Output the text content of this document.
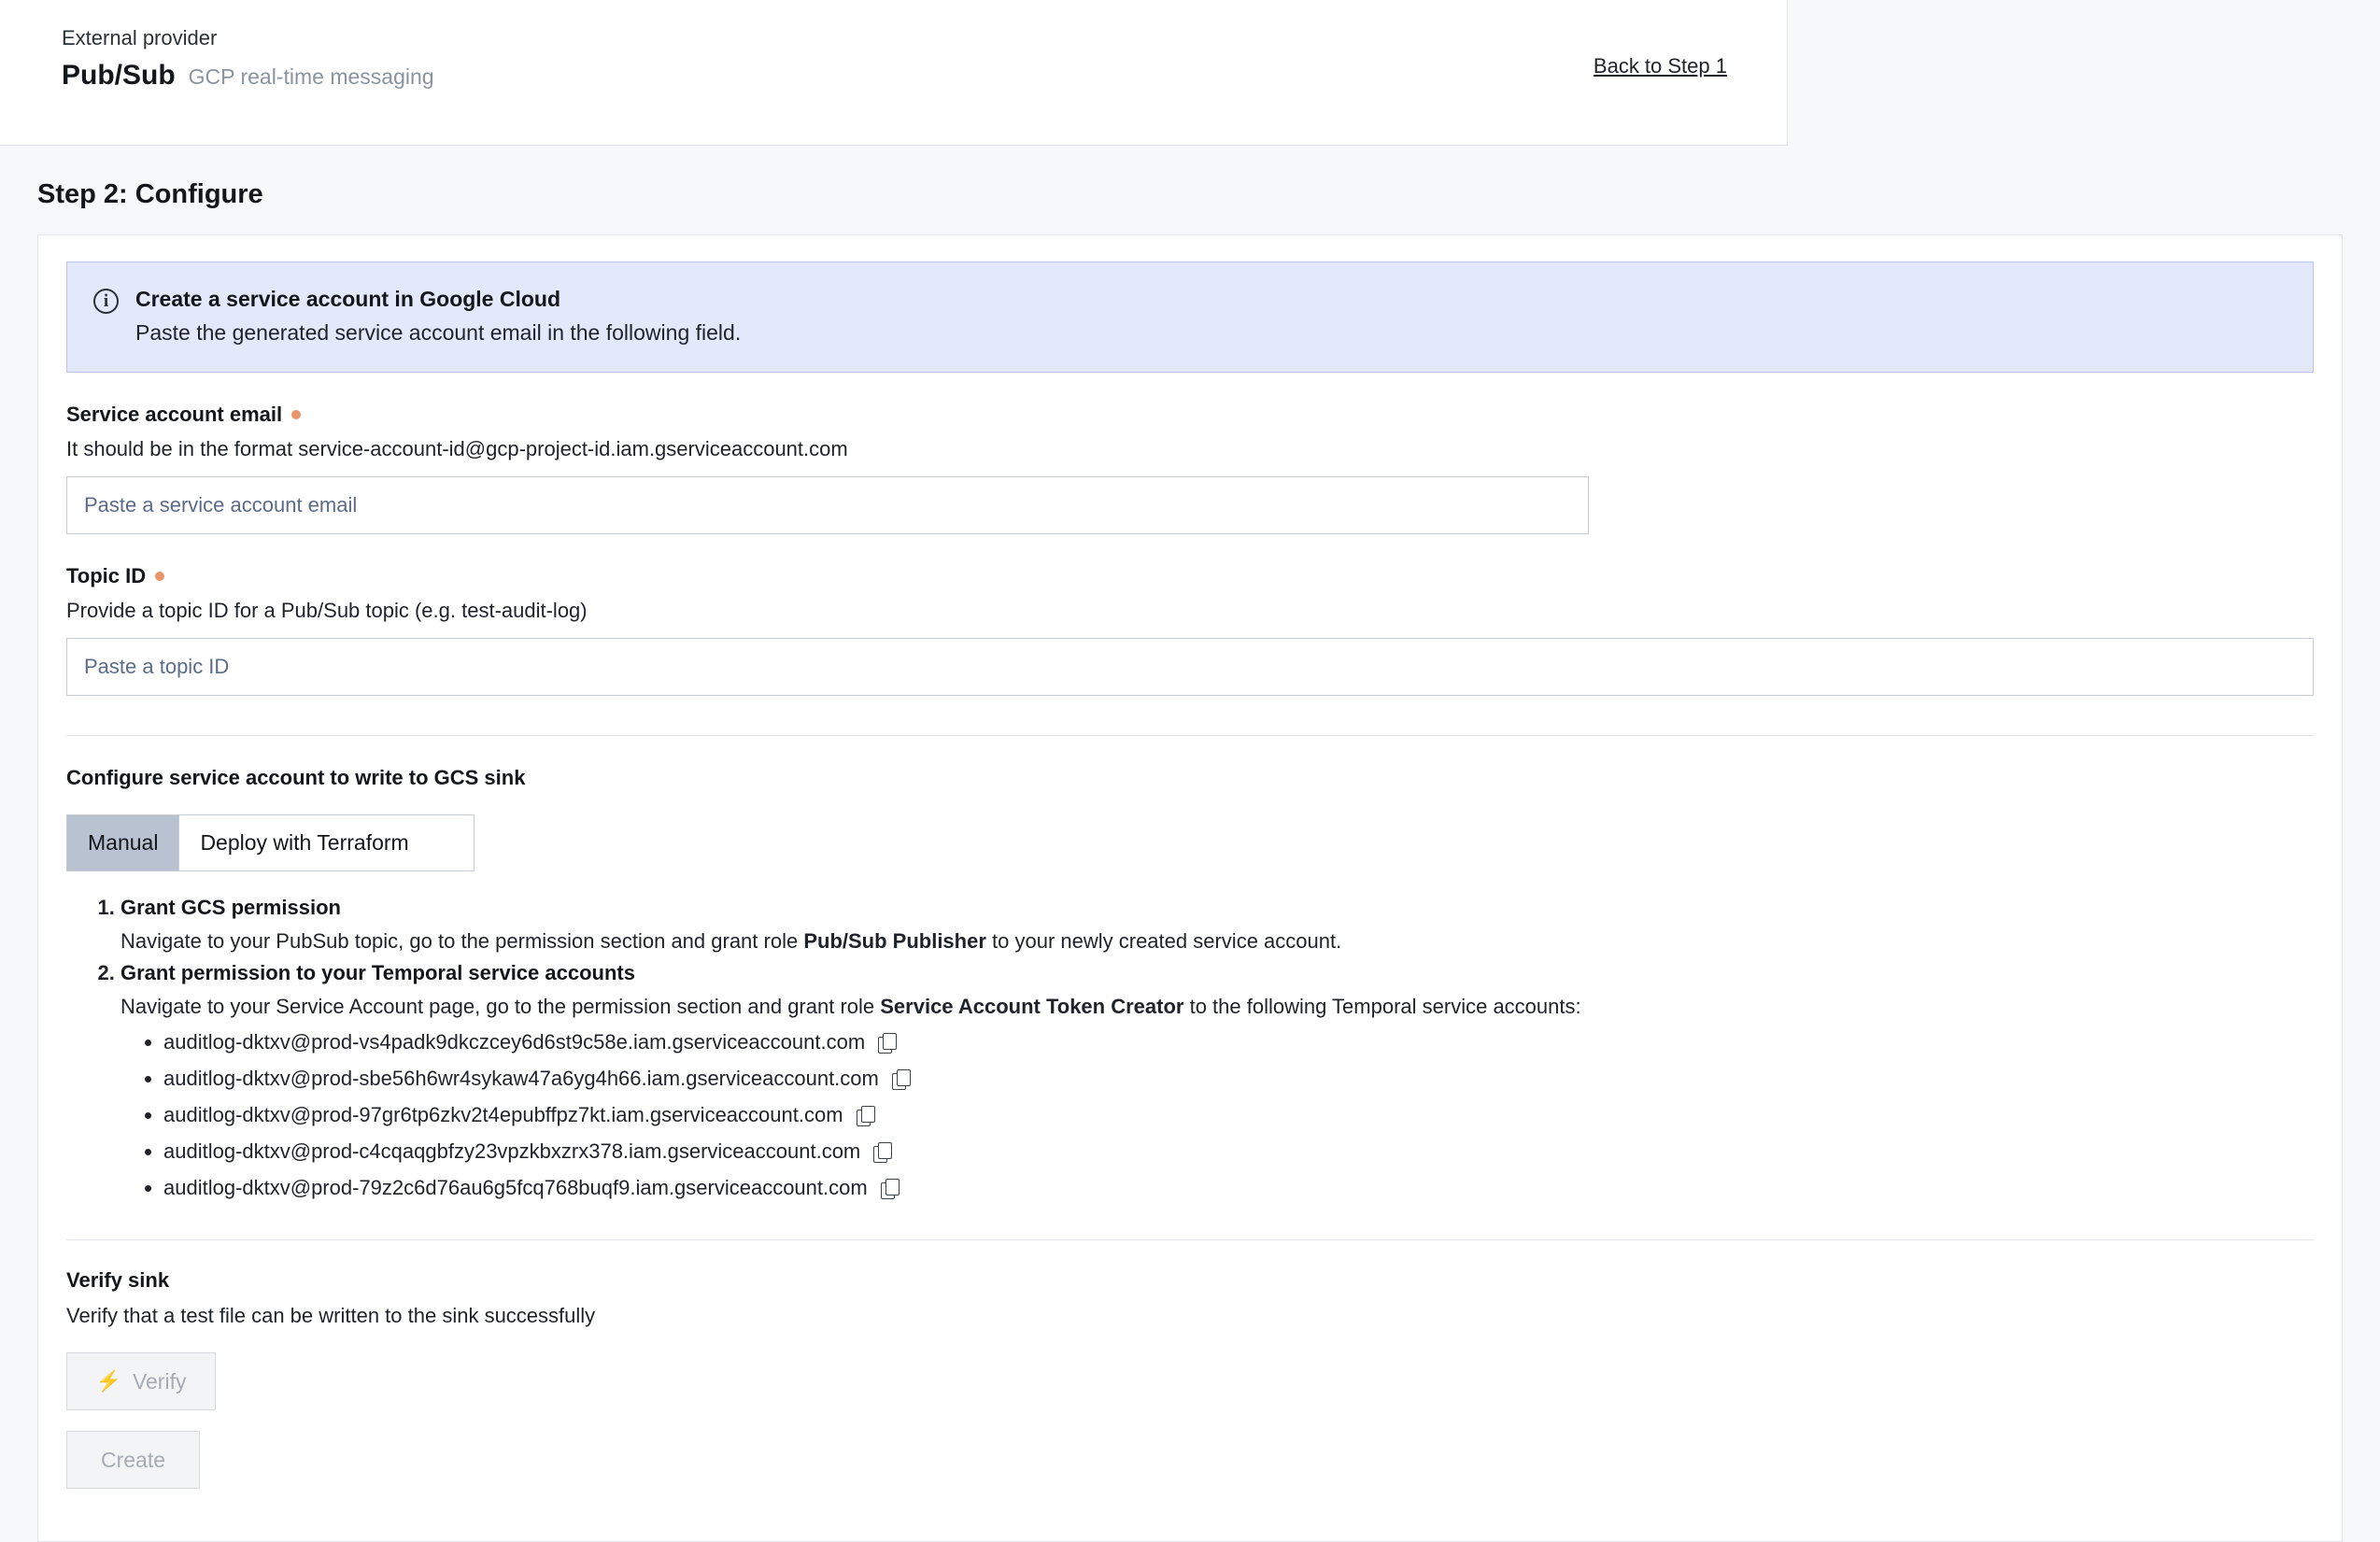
External provider
Pub/Sub GCP real-time messaging	Back to Step 1
Step 2: Configure
i	Create a service account in Google Cloud
Paste the generated service account email in the following field.
Service account email
It should be in the format service-account-id@gcp-project-id.iam.gserviceaccount.com
Paste a service account email
Topic ID
Provide a topic ID for a Pub/Sub topic (e.g. test-audit-log)
Paste a topic ID
Configure service account to write to GCS sink
Manual	Deploy with Terraform
1. Grant GCS permission
Navigate to your PubSub topic, go to the permission section and grant role Pub/Sub Publisher to your newly created service account.
2. Grant permission to your Temporal service accounts
Navigate to your Service Account page, go to the permission section and grant role Service Account Token Creator to the following Temporal service accounts:
• auditlog-dktxv@prod-vs4padk9dkczcey6d6st9c58e.iam.gserviceaccount.com
• auditlog-dktxv@prod-sbe56h6wr4sykaw47a6yg4h66.iam.gserviceaccount.com
• auditlog-dktxv@prod-97gr6tp6zkv2t4epubffpz7kt.iam.gserviceaccount.com
• auditlog-dktxv@prod-c4cqaqgbfzy23vpzkbxzrx378.iam.gserviceaccount.com
• auditlog-dktxv@prod-79z2c6d76au6g5fcq768buqf9.iam.gserviceaccount.com
Verify sink
Verify that a test file can be written to the sink successfully
⚡ Verify
Create
